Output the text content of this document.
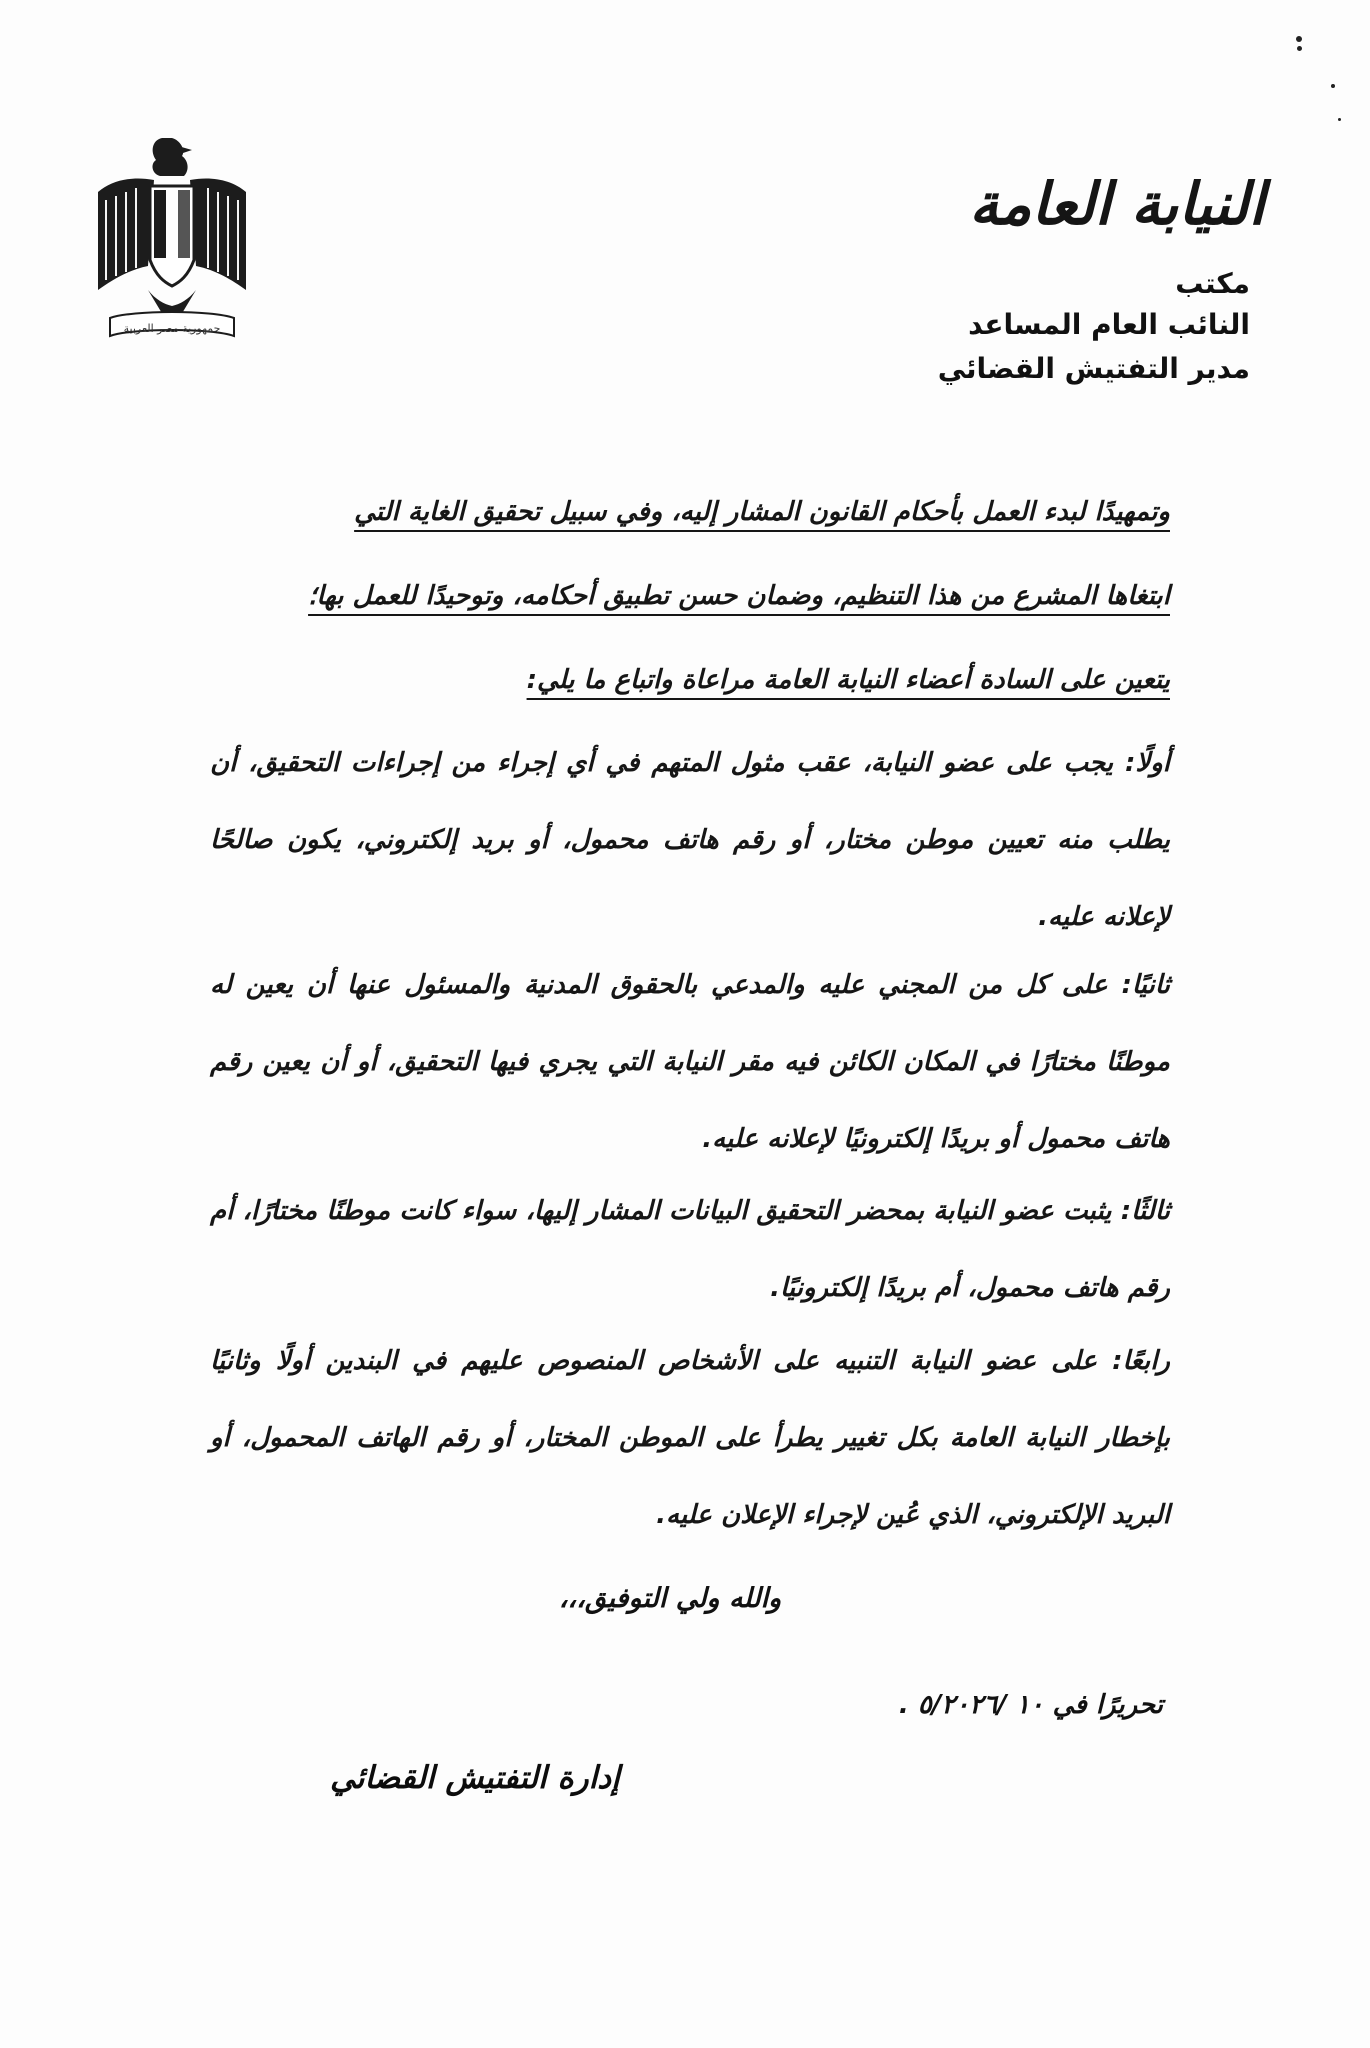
جمهورية مصر العربية
النيابة العامة
مكتب
النائب العام المساعد
مدير التفتيش القضائي
وتمهيدًا لبدء العمل بأحكام القانون المشار إليه، وفي سبيل تحقيق الغاية التي
ابتغاها المشرع من هذا التنظيم، وضمان حسن تطبيق أحكامه، وتوحيدًا للعمل بها؛
يتعين على السادة أعضاء النيابة العامة مراعاة واتباع ما يلي:
أولًا: يجب على عضو النيابة، عقب مثول المتهم في أي إجراء من إجراءات التحقيق، أن يطلب منه تعيين موطن مختار، أو رقم هاتف محمول، أو بريد إلكتروني، يكون صالحًا لإعلانه عليه.
ثانيًا: على كل من المجني عليه والمدعي بالحقوق المدنية والمسئول عنها أن يعين له موطنًا مختارًا في المكان الكائن فيه مقر النيابة التي يجري فيها التحقيق، أو أن يعين رقم هاتف محمول أو بريدًا إلكترونيًا لإعلانه عليه.
ثالثًا: يثبت عضو النيابة بمحضر التحقيق البيانات المشار إليها، سواء كانت موطنًا مختارًا، أم رقم هاتف محمول، أم بريدًا إلكترونيًا.
رابعًا: على عضو النيابة التنبيه على الأشخاص المنصوص عليهم في البندين أولًا وثانيًا بإخطار النيابة العامة بكل تغيير يطرأ على الموطن المختار، أو رقم الهاتف المحمول، أو البريد الإلكتروني، الذي عُين لإجراء الإعلان عليه.
والله ولي التوفيق،،،
تحريرًا في ١٠ /٥/٢٠٢٦ .
إدارة التفتيش القضائي
